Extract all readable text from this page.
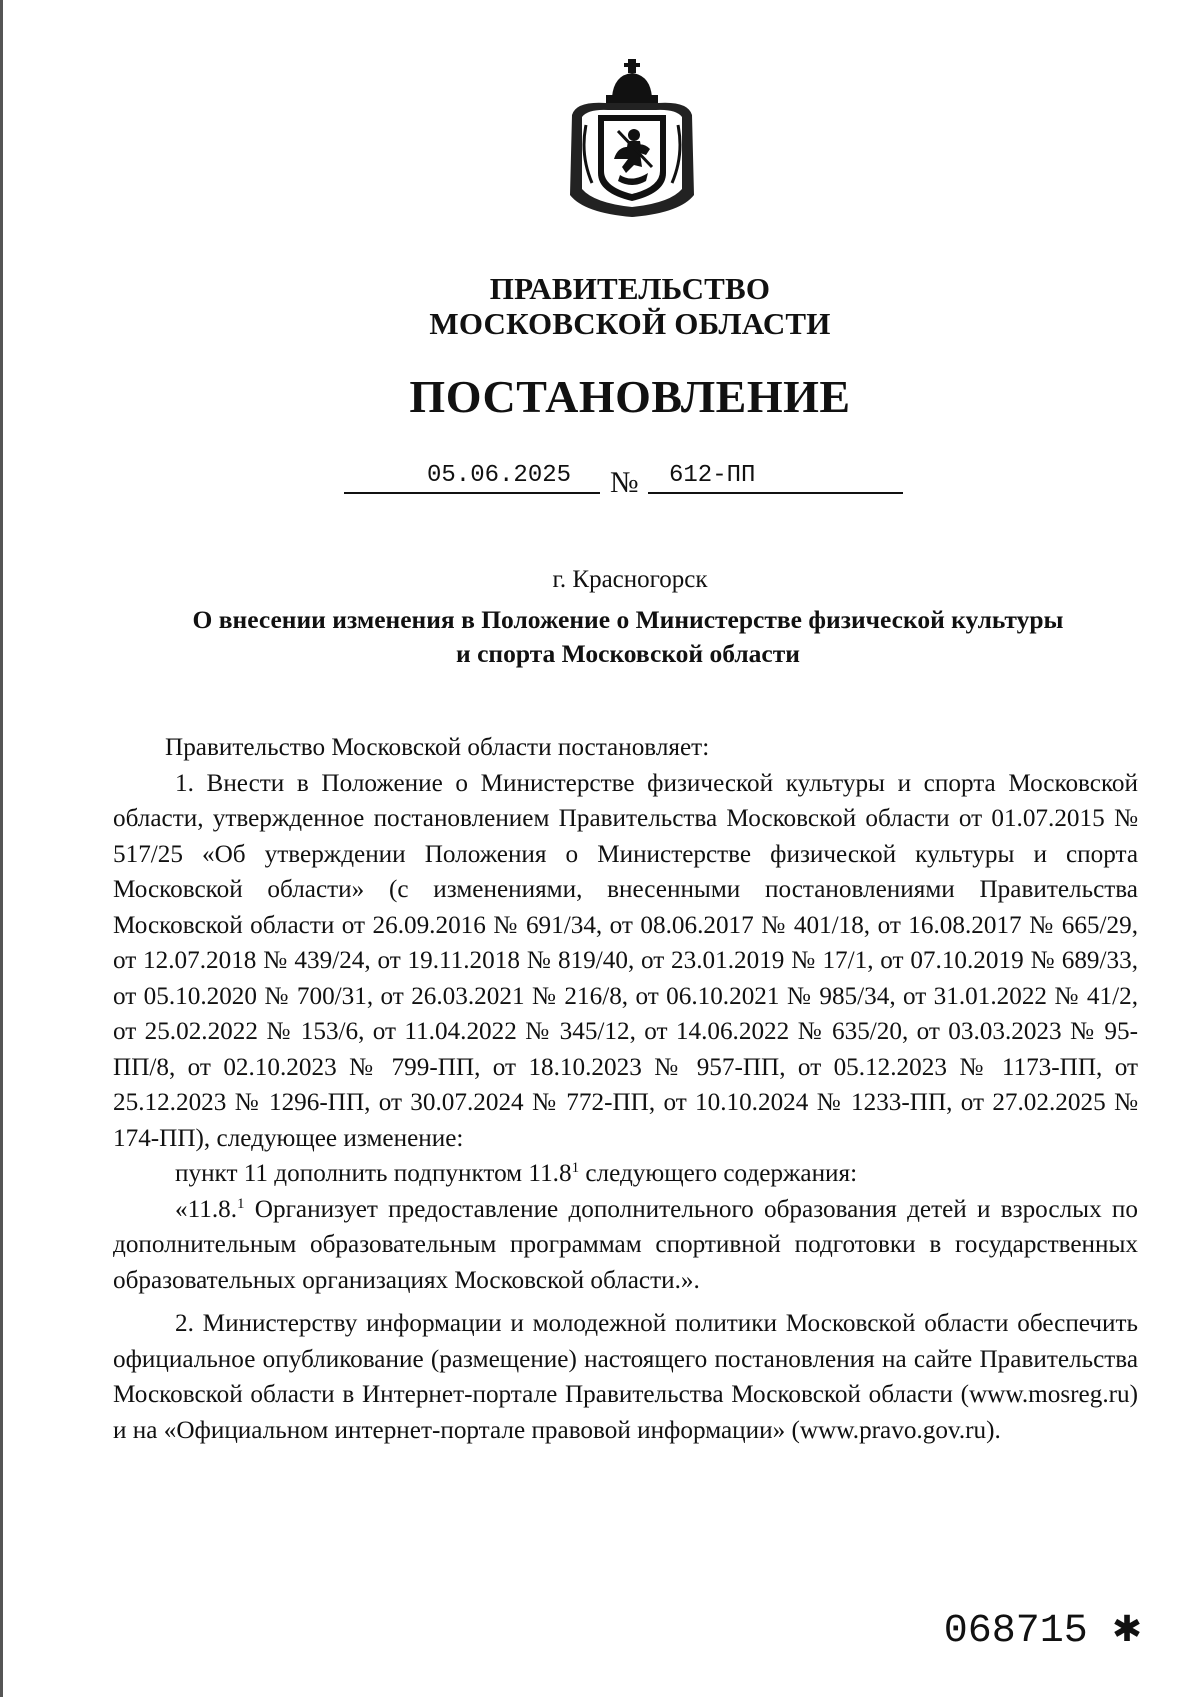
ПРАВИТЕЛЬСТВО
МОСКОВСКОЙ ОБЛАСТИ
ПОСТАНОВЛЕНИЕ
05.06.2025 № 612-ПП
г. Красногорск
О внесении изменения в Положение о Министерстве физической культуры
и спорта Московской области

Правительство Московской области постановляет:

1. Внести в Положение о Министерстве физической культуры и спорта Московской области, утвержденное постановлением Правительства Московской области от 01.07.2015 № 517/25 «Об утверждении Положения о Министерстве физической культуры и спорта Московской области» (с изменениями, внесенными постановлениями Правительства Московской области от 26.09.2016 № 691/34, от 08.06.2017 № 401/18, от 16.08.2017 № 665/29, от 12.07.2018 № 439/24, от 19.11.2018 № 819/40, от 23.01.2019 № 17/1, от 07.10.2019 № 689/33, от 05.10.2020 № 700/31, от 26.03.2021 № 216/8, от 06.10.2021 № 985/34, от 31.01.2022 № 41/2, от 25.02.2022 № 153/6, от 11.04.2022 № 345/12, от 14.06.2022 № 635/20, от 03.03.2023 № 95-ПП/8, от 02.10.2023 № 799-ПП, от 18.10.2023 № 957-ПП, от 05.12.2023 № 1173-ПП, от 25.12.2023 № 1296-ПП, от 30.07.2024 № 772-ПП, от 10.10.2024 № 1233-ПП, от 27.02.2025 № 174-ПП), следующее изменение:

пункт 11 дополнить подпунктом 11.8$^1$ следующего содержания:

«11.8.$^1$ Организует предоставление дополнительного образования детей и взрослых по дополнительным образовательным программам спортивной подготовки в государственных образовательных организациях Московской области.».

2. Министерству информации и молодежной политики Московской области обеспечить официальное опубликование (размещение) настоящего постановления на сайте Правительства Московской области в Интернет-портале Правительства Московской области (www.mosreg.ru) и на «Официальном интернет-портале правовой информации» (www.pravo.gov.ru).

068715 ✱
